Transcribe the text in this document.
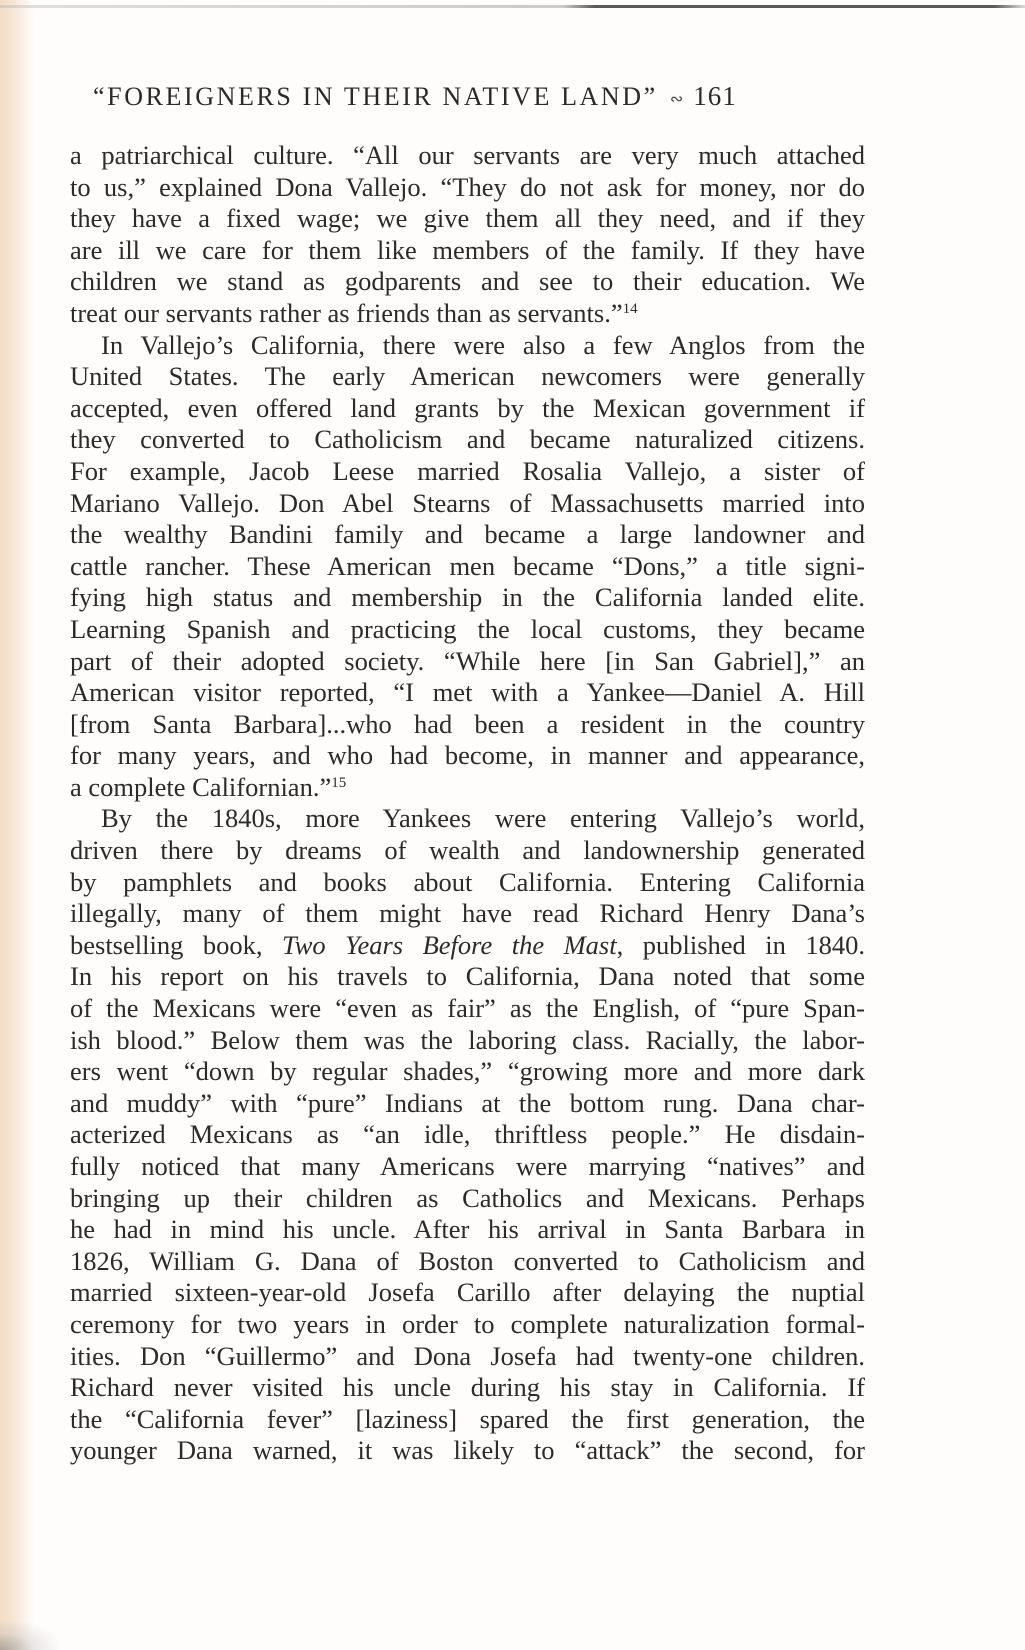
“FOREIGNERS IN THEIR NATIVE LAND” ∾ 161
a patriarchical culture. “All our servants are very much attached
to us,” explained Dona Vallejo. “They do not ask for money, nor do
they have a fixed wage; we give them all they need, and if they
are ill we care for them like members of the family. If they have
children we stand as godparents and see to their education. We
treat our servants rather as friends than as servants.”$^{14}$
In Vallejo’s California, there were also a few Anglos from the
United States. The early American newcomers were generally
accepted, even offered land grants by the Mexican government if
they converted to Catholicism and became naturalized citizens.
For example, Jacob Leese married Rosalia Vallejo, a sister of
Mariano Vallejo. Don Abel Stearns of Massachusetts married into
the wealthy Bandini family and became a large landowner and
cattle rancher. These American men became “Dons,” a title signi-
fying high status and membership in the California landed elite.
Learning Spanish and practicing the local customs, they became
part of their adopted society. “While here [in San Gabriel],” an
American visitor reported, “I met with a Yankee—Daniel A. Hill
[from Santa Barbara]...who had been a resident in the country
for many years, and who had become, in manner and appearance,
a complete Californian.”$^{15}$
By the 1840s, more Yankees were entering Vallejo’s world,
driven there by dreams of wealth and landownership generated
by pamphlets and books about California. Entering California
illegally, many of them might have read Richard Henry Dana’s
bestselling book, Two Years Before the Mast, published in 1840.
In his report on his travels to California, Dana noted that some
of the Mexicans were “even as fair” as the English, of “pure Span-
ish blood.” Below them was the laboring class. Racially, the labor-
ers went “down by regular shades,” “growing more and more dark
and muddy” with “pure” Indians at the bottom rung. Dana char-
acterized Mexicans as “an idle, thriftless people.” He disdain-
fully noticed that many Americans were marrying “natives” and
bringing up their children as Catholics and Mexicans. Perhaps
he had in mind his uncle. After his arrival in Santa Barbara in
1826, William G. Dana of Boston converted to Catholicism and
married sixteen-year-old Josefa Carillo after delaying the nuptial
ceremony for two years in order to complete naturalization formal-
ities. Don “Guillermo” and Dona Josefa had twenty-one children.
Richard never visited his uncle during his stay in California. If
the “California fever” [laziness] spared the first generation, the
younger Dana warned, it was likely to “attack” the second, for
